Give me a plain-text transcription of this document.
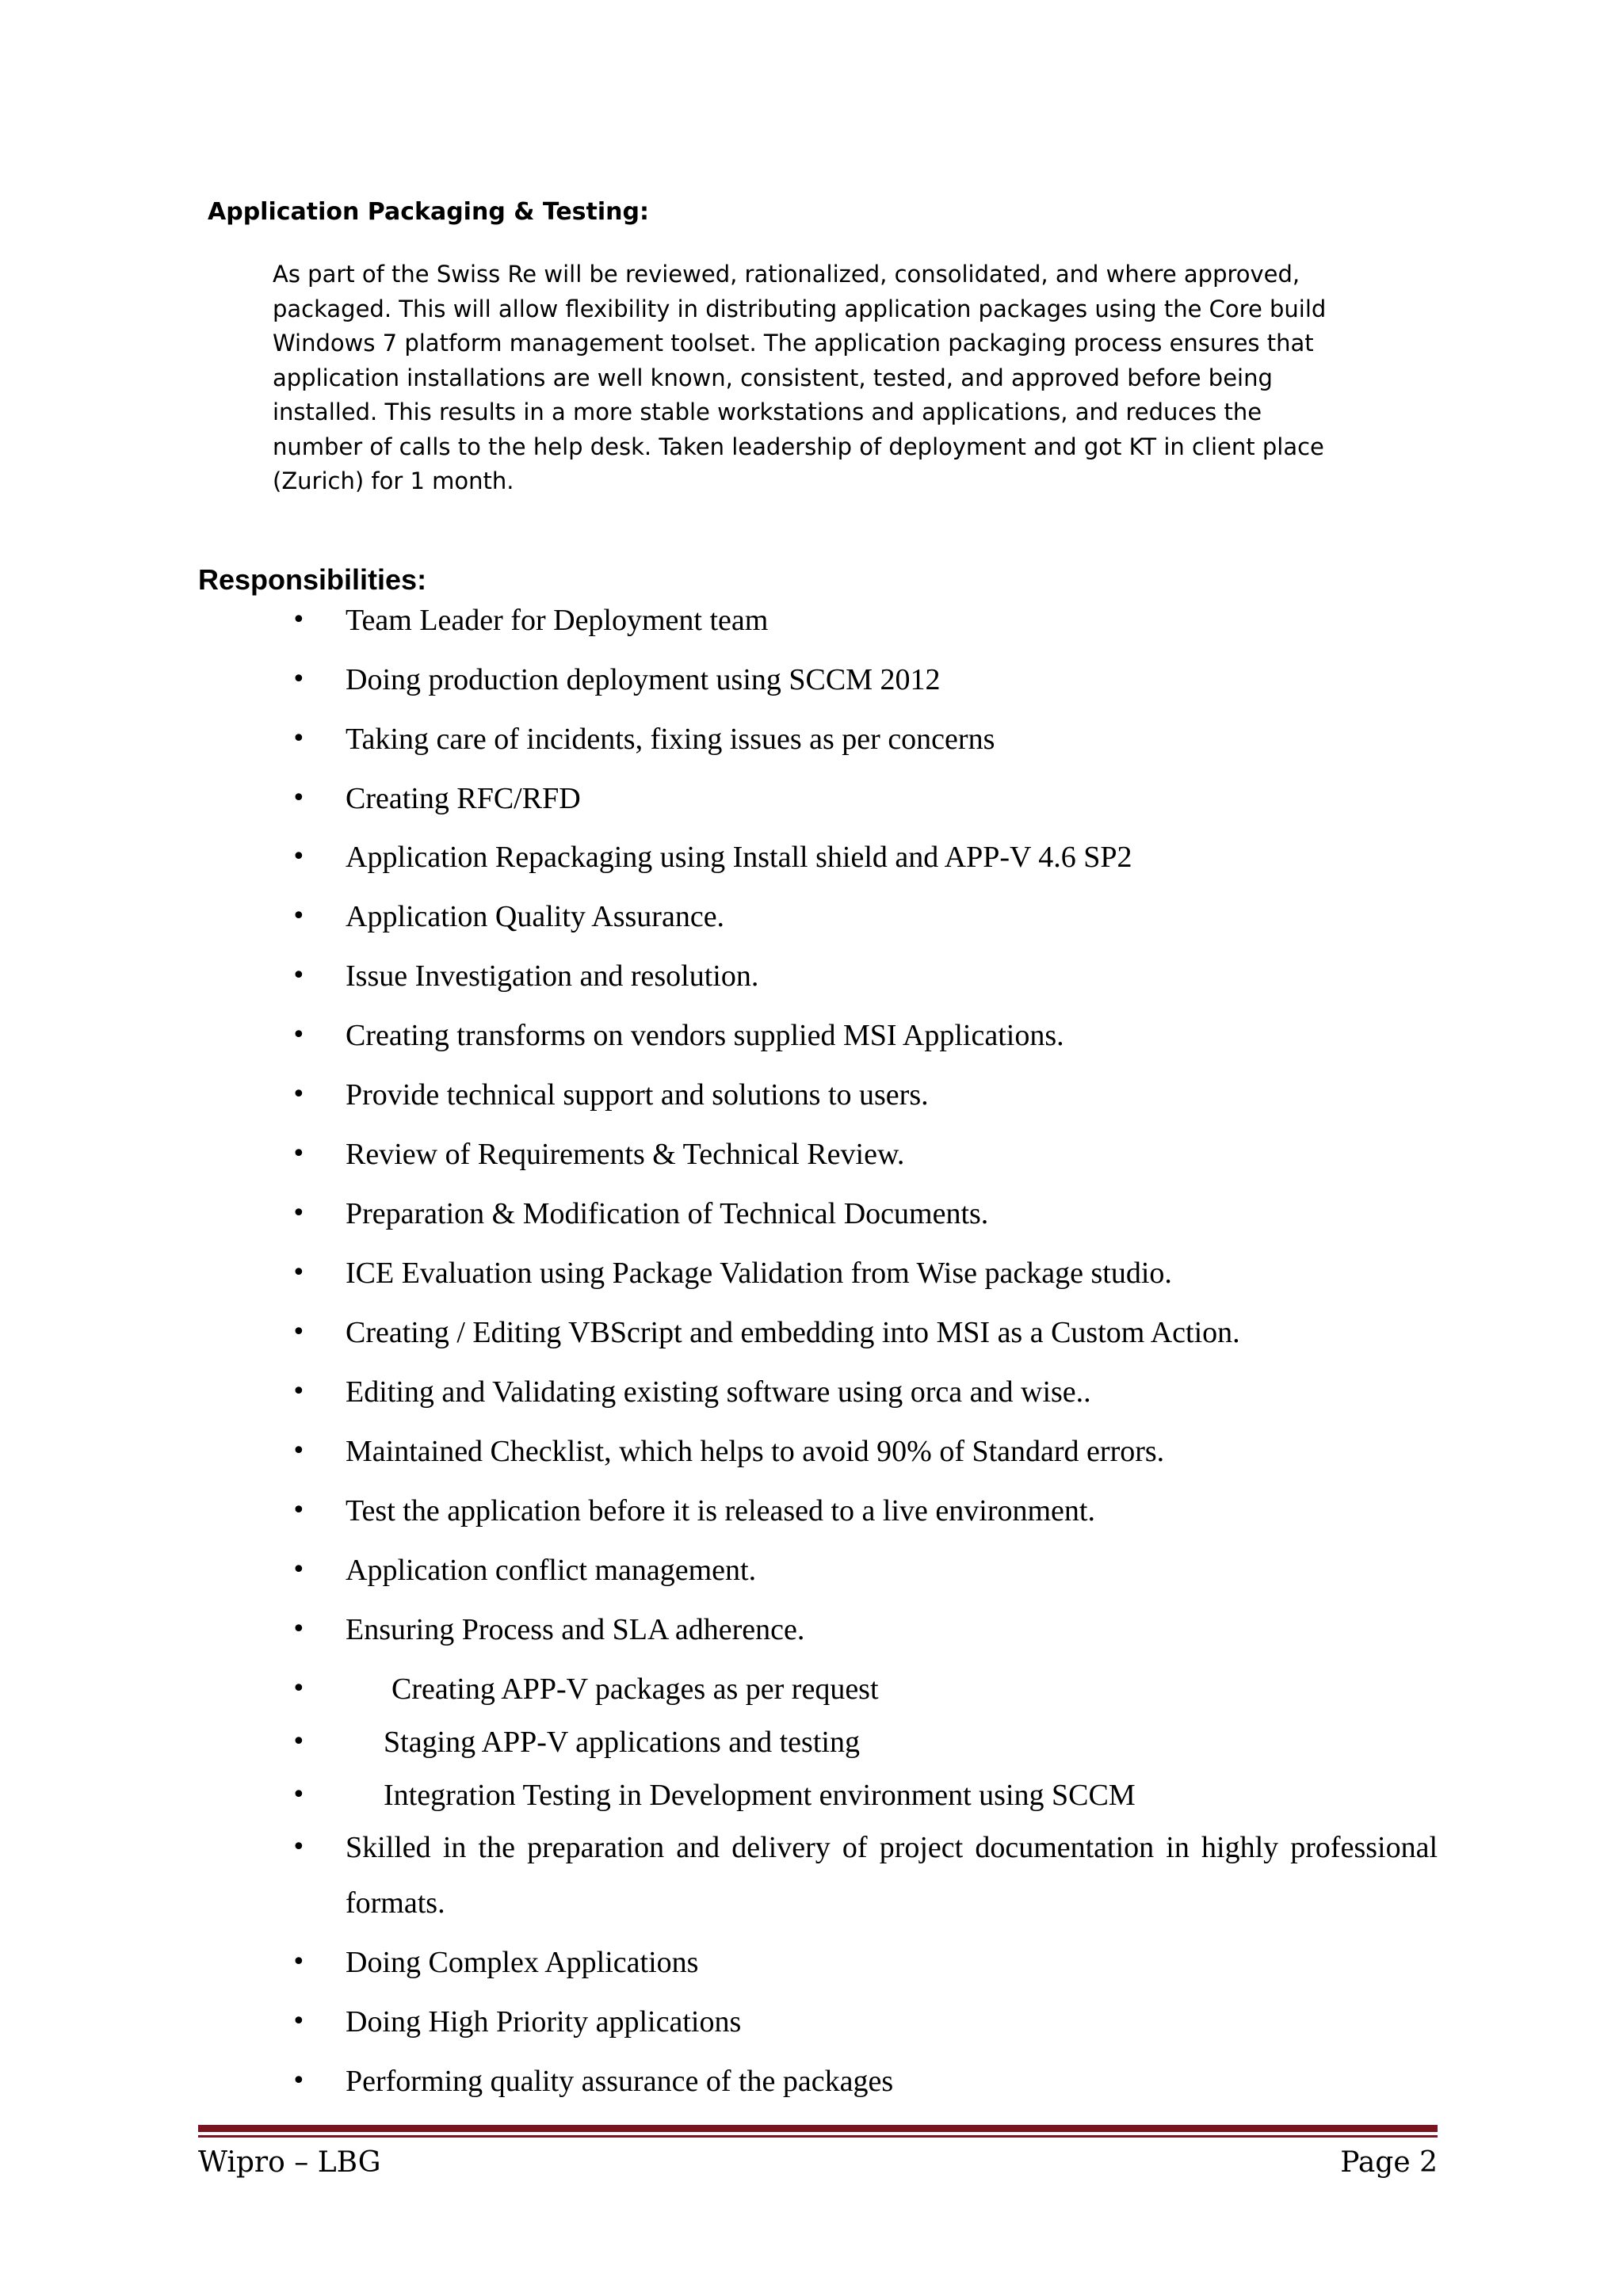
Application Packaging & Testing:

As part of the Swiss Re will be reviewed, rationalized, consolidated, and where approved,
packaged. This will allow flexibility in distributing application packages using the Core build
Windows 7 platform management toolset. The application packaging process ensures that
application installations are well known, consistent, tested, and approved before being
installed. This results in a more stable workstations and applications, and reduces the
number of calls to the help desk. Taken leadership of deployment and got KT in client place
(Zurich) for 1 month.

Responsibilities:
• Team Leader for Deployment team
• Doing production deployment using SCCM 2012
• Taking care of incidents, fixing issues as per concerns
• Creating RFC/RFD
• Application Repackaging using Install shield and APP-V 4.6 SP2
• Application Quality Assurance.
• Issue Investigation and resolution.
• Creating transforms on vendors supplied MSI Applications.
• Provide technical support and solutions to users.
• Review of Requirements & Technical Review.
• Preparation & Modification of Technical Documents.
• ICE Evaluation using Package Validation from Wise package studio.
• Creating / Editing VBScript and embedding into MSI as a Custom Action.
• Editing and Validating existing software using orca and wise..
• Maintained Checklist, which helps to avoid 90% of Standard errors.
• Test the application before it is released to a live environment.
• Application conflict management.
• Ensuring Process and SLA adherence.
•	Creating APP-V packages as per request
•	Staging APP-V applications and testing
•	Integration Testing in Development environment using SCCM
• Skilled in the preparation and delivery of project documentation in highly professional formats.
• Doing Complex Applications
• Doing High Priority applications
• Performing quality assurance of the packages
Wipro – LBG	Page 2
